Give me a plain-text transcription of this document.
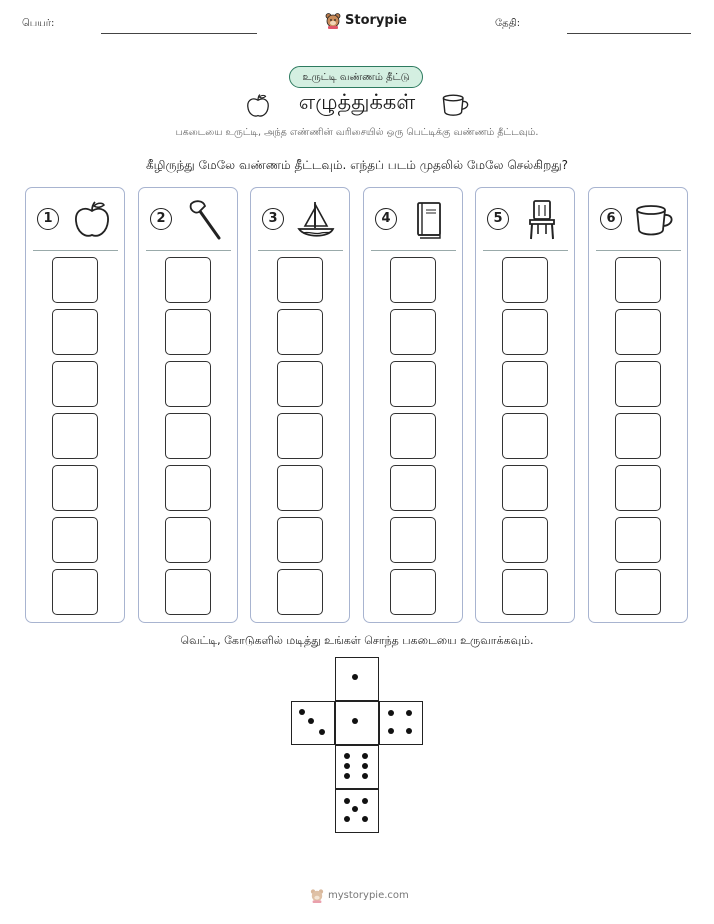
பெயர்:	Storypie	தேதி:
உருட்டி வண்ணம் தீட்டு
எழுத்துக்கள்
பகடையை உருட்டி, அந்த எண்ணின் வரிசையில் ஒரு பெட்டிக்கு வண்ணம் தீட்டவும்.
கீழிருந்து மேலே வண்ணம் தீட்டவும். எந்தப் படம் முதலில் மேலே செல்கிறது?
1	2	3	4	5	6
வெட்டி, கோடுகளில் மடித்து உங்கள் சொந்த பகடையை உருவாக்கவும்.
mystorypie.com
